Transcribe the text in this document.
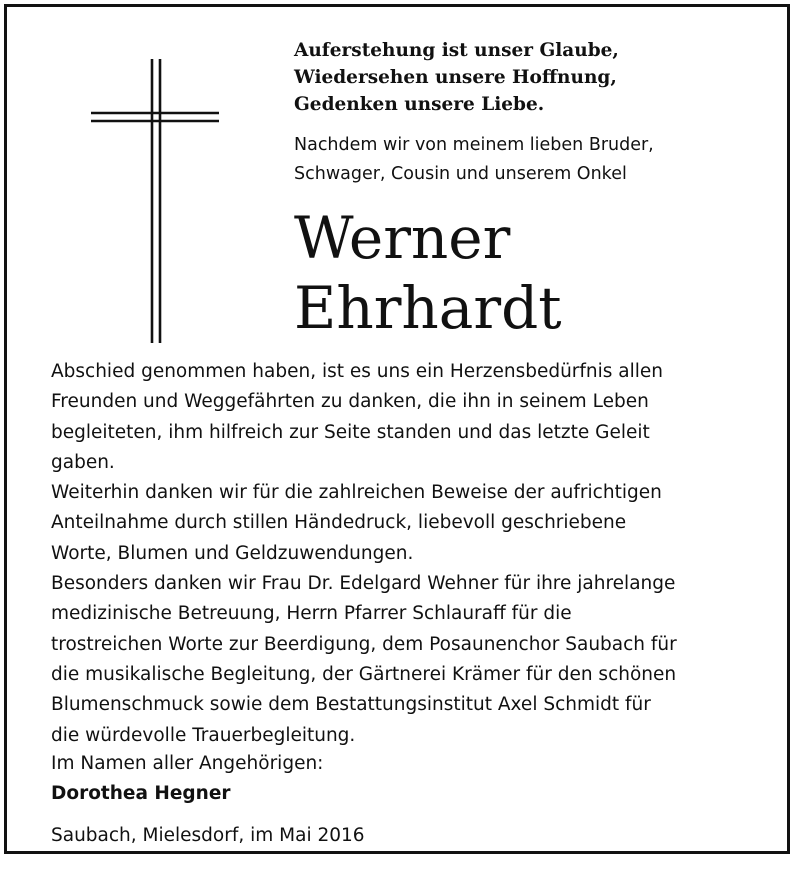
Auferstehung ist unser Glaube,
Wiedersehen unsere Hoffnung,
Gedenken unsere Liebe.
Nachdem wir von meinem lieben Bruder,
Schwager, Cousin und unserem Onkel
Werner
Ehrhardt
Abschied genommen haben, ist es uns ein Herzensbedürfnis allen
Freunden und Weggefährten zu danken, die ihn in seinem Leben
begleiteten, ihm hilfreich zur Seite standen und das letzte Geleit
gaben.
Weiterhin danken wir für die zahlreichen Beweise der aufrichtigen
Anteilnahme durch stillen Händedruck, liebevoll geschriebene
Worte, Blumen und Geldzuwendungen.
Besonders danken wir Frau Dr. Edelgard Wehner für ihre jahrelange
medizinische Betreuung, Herrn Pfarrer Schlauraff für die
trostreichen Worte zur Beerdigung, dem Posaunenchor Saubach für
die musikalische Begleitung, der Gärtnerei Krämer für den schönen
Blumenschmuck sowie dem Bestattungsinstitut Axel Schmidt für
die würdevolle Trauerbegleitung.
Im Namen aller Angehörigen:
Dorothea Hegner
Saubach, Mielesdorf, im Mai 2016
